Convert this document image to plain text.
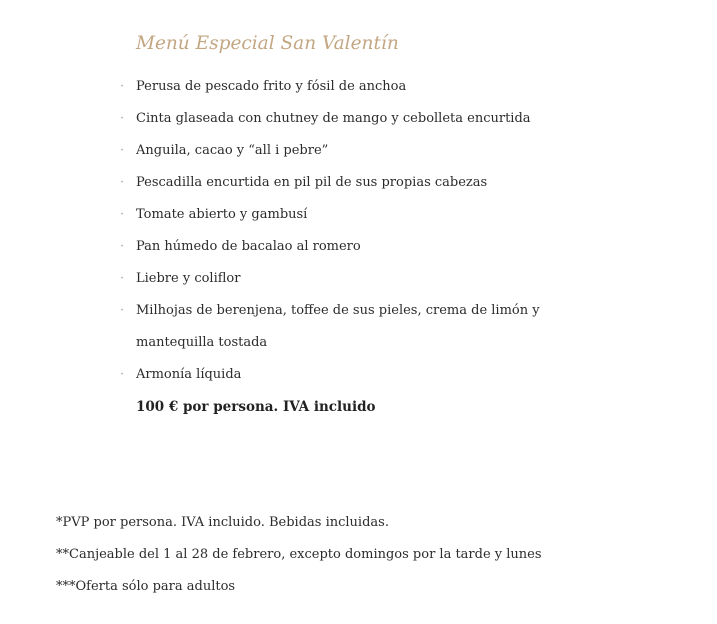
Menú Especial San Valentín
· Perusa de pescado frito y fósil de anchoa
· Cinta glaseada con chutney de mango y cebolleta encurtida
· Anguila, cacao y “all i pebre”
· Pescadilla encurtida en pil pil de sus propias cabezas
· Tomate abierto y gambusí
· Pan húmedo de bacalao al romero
· Liebre y coliflor
· Milhojas de berenjena, toffee de sus pieles, crema de limón y mantequilla tostada
· Armonía líquida

100 € por persona. IVA incluido

*PVP por persona. IVA incluido. Bebidas incluidas.

**Canjeable del 1 al 28 de febrero, excepto domingos por la tarde y lunes

***Oferta sólo para adultos
